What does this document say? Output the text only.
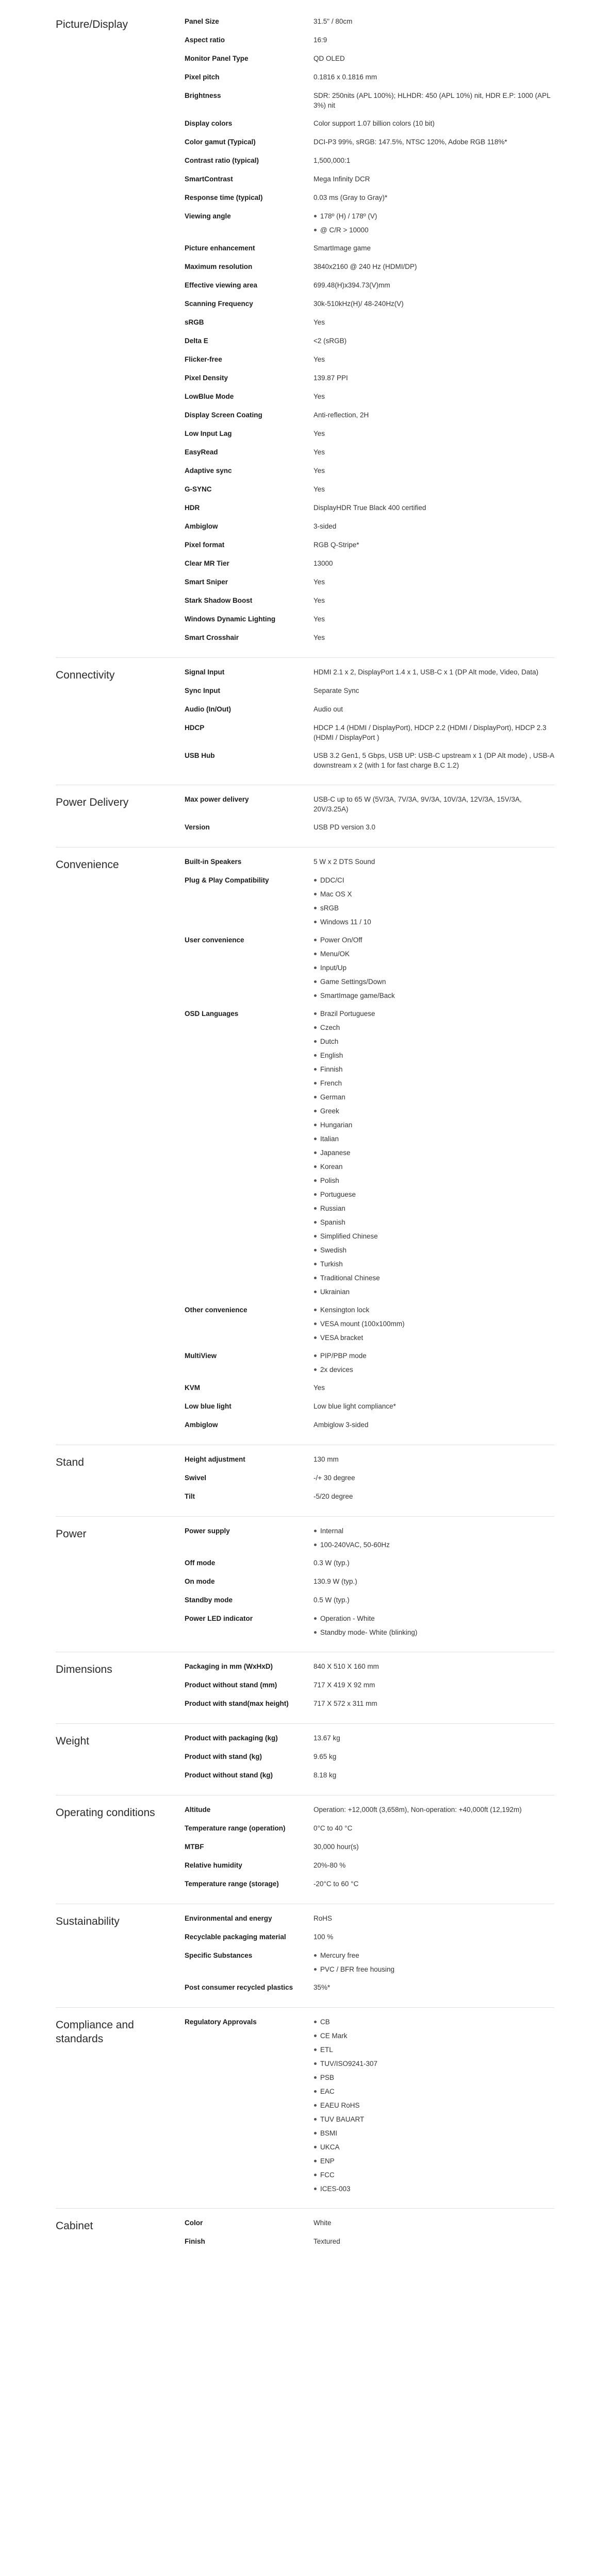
Picture/Display	Panel Size	31.5" / 80cm
Aspect ratio	16:9
Monitor Panel Type	QD OLED
Pixel pitch	0.1816 x 0.1816 mm
Brightness	SDR: 250nits (APL 100%); HLHDR: 450 (APL 10%) nit, HDR E.P: 1000 (APL 3%) nit
Display colors	Color support 1.07 billion colors (10 bit)
Color gamut (Typical)	DCI-P3 99%, sRGB: 147.5%, NTSC 120%, Adobe RGB 118%*
Contrast ratio (typical)	1,500,000:1
SmartContrast	Mega Infinity DCR
Response time (typical)	0.03 ms (Gray to Gray)*
Viewing angle	178º (H) / 178º (V)
@ C/R > 10000
Picture enhancement	SmartImage game
Maximum resolution	3840x2160 @ 240 Hz (HDMI/DP)
Effective viewing area	699.48(H)x394.73(V)mm
Scanning Frequency	30k-510kHz(H)/ 48-240Hz(V)
sRGB	Yes
Delta E	<2 (sRGB)
Flicker-free	Yes
Pixel Density	139.87 PPI
LowBlue Mode	Yes
Display Screen Coating	Anti-reflection, 2H
Low Input Lag	Yes
EasyRead	Yes
Adaptive sync	Yes
G-SYNC	Yes
HDR	DisplayHDR True Black 400 certified
Ambiglow	3-sided
Pixel format	RGB Q-Stripe*
Clear MR Tier	13000
Smart Sniper	Yes
Stark Shadow Boost	Yes
Windows Dynamic Lighting	Yes
Smart Crosshair	Yes
Connectivity	Signal Input	HDMI 2.1 x 2, DisplayPort 1.4 x 1, USB-C x 1 (DP Alt mode, Video, Data)
Sync Input	Separate Sync
Audio (In/Out)	Audio out
HDCP	HDCP 1.4 (HDMI / DisplayPort), HDCP 2.2 (HDMI / DisplayPort), HDCP 2.3 (HDMI / DisplayPort )
USB Hub	USB 3.2 Gen1, 5 Gbps, USB UP: USB-C upstream x 1 (DP Alt mode) , USB-A downstream x 2 (with 1 for fast charge B.C 1.2)
Power Delivery	Max power delivery	USB-C up to 65 W (5V/3A, 7V/3A, 9V/3A, 10V/3A, 12V/3A, 15V/3A, 20V/3.25A)
Version	USB PD version 3.0
Convenience	Built-in Speakers	5 W x 2 DTS Sound
Plug & Play Compatibility	DDC/CI
Mac OS X
sRGB
Windows 11 / 10
User convenience	Power On/Off
Menu/OK
Input/Up
Game Settings/Down
SmartImage game/Back
OSD Languages	Brazil Portuguese
Czech
Dutch
English
Finnish
French
German
Greek
Hungarian
Italian
Japanese
Korean
Polish
Portuguese
Russian
Spanish
Simplified Chinese
Swedish
Turkish
Traditional Chinese
Ukrainian
Other convenience	Kensington lock
VESA mount (100x100mm)
VESA bracket
MultiView	PIP/PBP mode
2x devices
KVM	Yes
Low blue light	Low blue light compliance*
Ambiglow	Ambiglow 3-sided
Stand	Height adjustment	130 mm
Swivel	-/+ 30 degree
Tilt	-5/20 degree
Power	Power supply	Internal
100-240VAC, 50-60Hz
Off mode	0.3 W (typ.)
On mode	130.9 W (typ.)
Standby mode	0.5 W (typ.)
Power LED indicator	Operation - White
Standby mode- White (blinking)
Dimensions	Packaging in mm (WxHxD)	840 X 510 X 160 mm
Product without stand (mm)	717 X 419 X 92 mm
Product with stand(max height)	717 X 572 x 311 mm
Weight	Product with packaging (kg)	13.67 kg
Product with stand (kg)	9.65 kg
Product without stand (kg)	8.18 kg
Operating conditions	Altitude	Operation: +12,000ft (3,658m), Non-operation: +40,000ft (12,192m)
Temperature range (operation)	0°C to 40 °C
MTBF	30,000 hour(s)
Relative humidity	20%-80 %
Temperature range (storage)	-20°C to 60 °C
Sustainability	Environmental and energy	RoHS
Recyclable packaging material	100 %
Specific Substances	Mercury free
PVC / BFR free housing
Post consumer recycled plastics	35%*
Compliance and standards
Regulatory Approvals	CB
CE Mark
ETL
TUV/ISO9241-307
PSB
EAC
EAEU RoHS
TUV BAUART
BSMI
UKCA
ENP
FCC
ICES-003
Cabinet	Color	White
Finish	Textured
